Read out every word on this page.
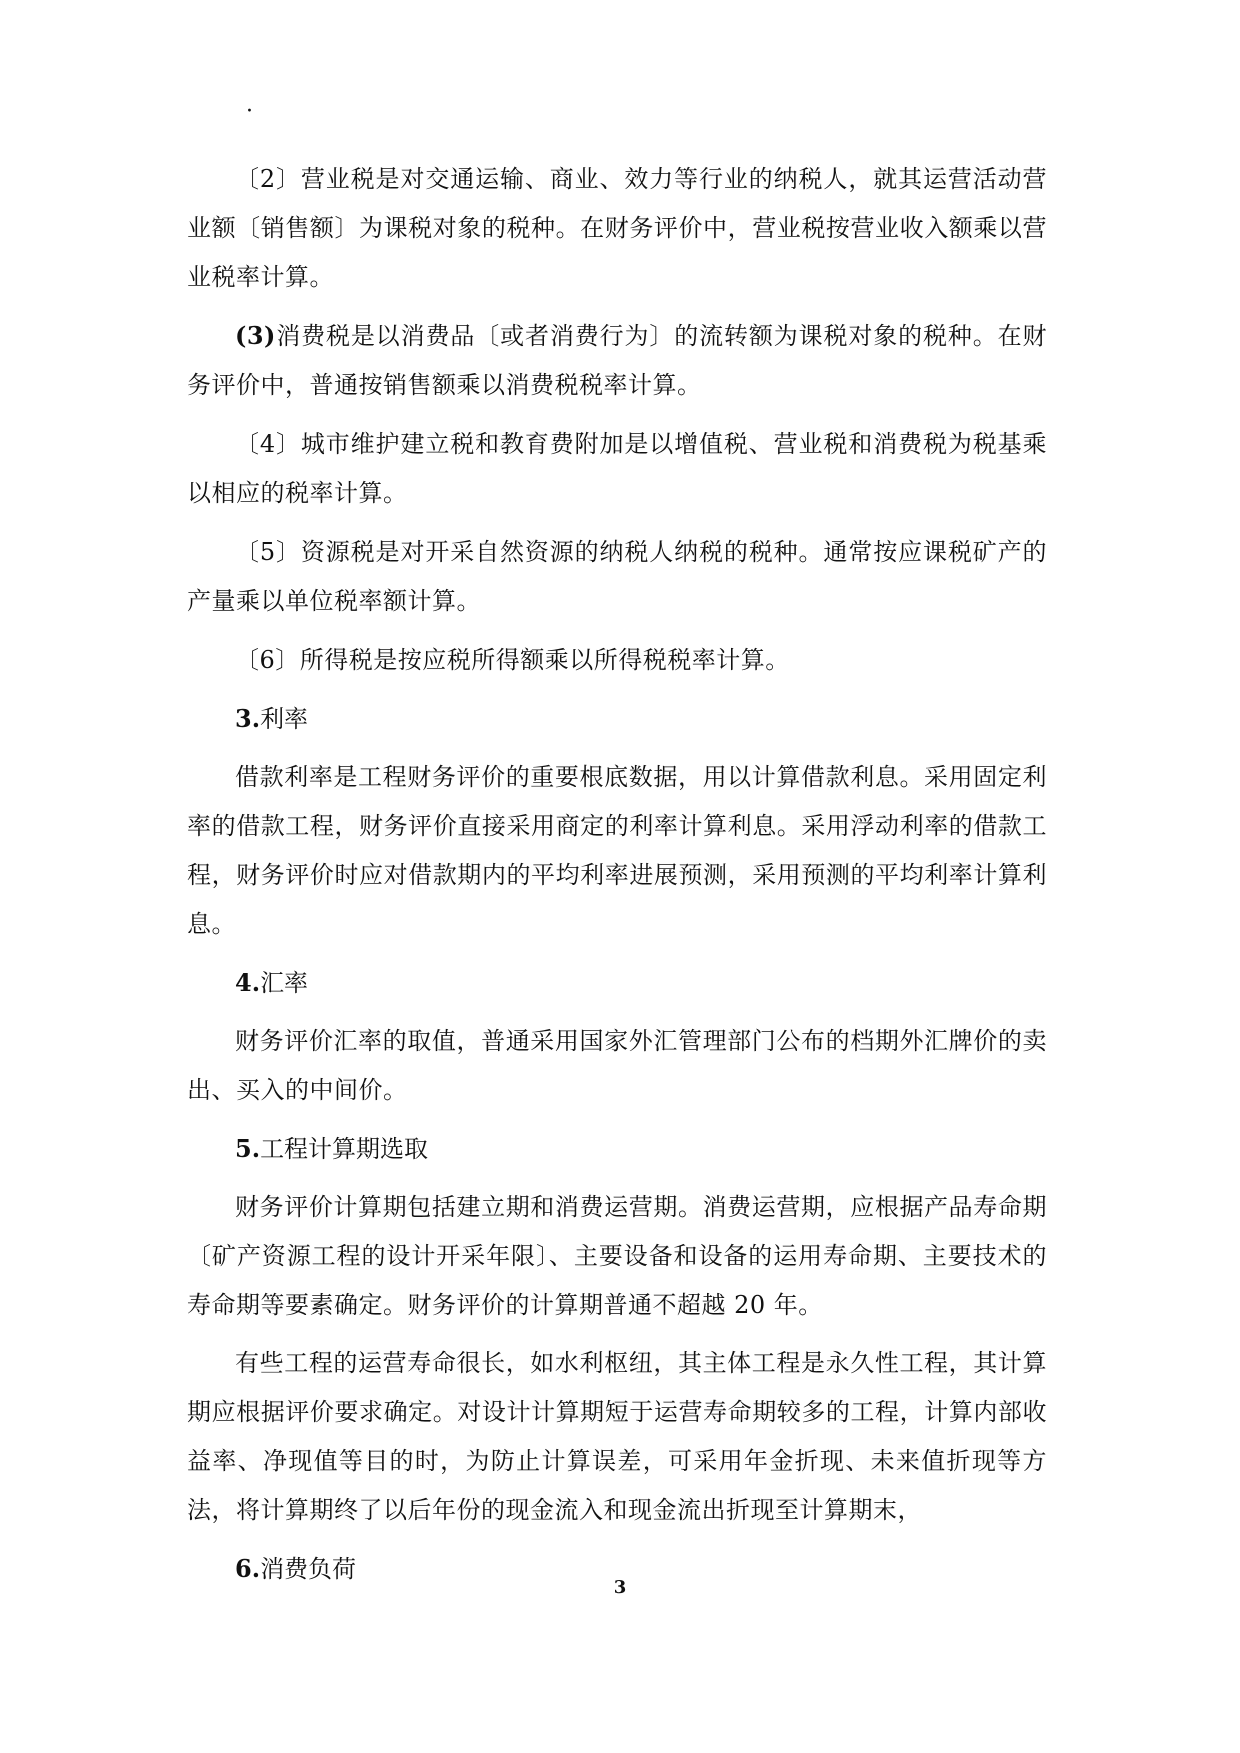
·

〔2〕营业税是对交通运输、商业、效力等行业的纳税人，就其运营活动营业额〔销售额〕为课税对象的税种。在财务评价中，营业税按营业收入额乘以营业税率计算。

(3)消费税是以消费品〔或者消费行为〕的流转额为课税对象的税种。在财务评价中，普通按销售额乘以消费税税率计算。

〔4〕城市维护建立税和教育费附加是以增值税、营业税和消费税为税基乘以相应的税率计算。

〔5〕资源税是对开采自然资源的纳税人纳税的税种。通常按应课税矿产的产量乘以单位税率额计算。

〔6〕所得税是按应税所得额乘以所得税税率计算。

3.利率

借款利率是工程财务评价的重要根底数据，用以计算借款利息。采用固定利率的借款工程，财务评价直接采用商定的利率计算利息。采用浮动利率的借款工程，财务评价时应对借款期内的平均利率进展预测，采用预测的平均利率计算利息。

4.汇率

财务评价汇率的取值，普通采用国家外汇管理部门公布的档期外汇牌价的卖出、买入的中间价。

5.工程计算期选取

财务评价计算期包括建立期和消费运营期。消费运营期，应根据产品寿命期〔矿产资源工程的设计开采年限〕、主要设备和设备的运用寿命期、主要技术的寿命期等要素确定。财务评价的计算期普通不超越 20 年。

有些工程的运营寿命很长，如水利枢纽，其主体工程是永久性工程，其计算期应根据评价要求确定。对设计计算期短于运营寿命期较多的工程，计算内部收益率、净现值等目的时，为防止计算误差，可采用年金折现、未来值折现等方法，将计算期终了以后年份的现金流入和现金流出折现至计算期末，

6.消费负荷

3
